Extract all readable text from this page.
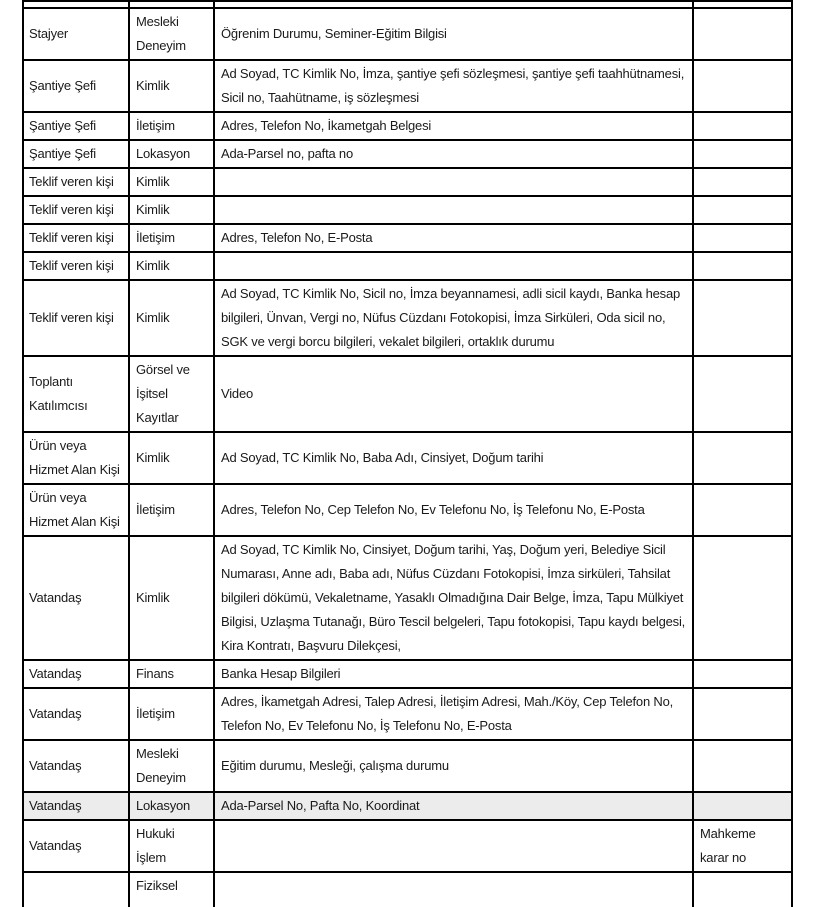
Stajyer	Mesleki Deneyim	Öğrenim Durumu, Seminer-Eğitim Bilgisi	
Şantiye Şefi	Kimlik	Ad Soyad, TC Kimlik No, İmza, şantiye şefi sözleşmesi, şantiye şefi taahhütnamesi, Sicil no, Taahütname, iş sözleşmesi	
Şantiye Şefi	İletişim	Adres, Telefon No, İkametgah Belgesi	
Şantiye Şefi	Lokasyon	Ada-Parsel no, pafta no	
Teklif veren kişi	Kimlik		
Teklif veren kişi	Kimlik		
Teklif veren kişi	İletişim	Adres, Telefon No, E-Posta	
Teklif veren kişi	Kimlik		
Teklif veren kişi	Kimlik	Ad Soyad, TC Kimlik No, Sicil no, İmza beyannamesi, adli sicil kaydı, Banka hesap bilgileri, Ünvan, Vergi no, Nüfus Cüzdanı Fotokopisi, İmza Sirküleri, Oda sicil no, SGK ve vergi borcu bilgileri, vekalet bilgileri, ortaklık durumu	
Toplantı Katılımcısı	Görsel ve İşitsel Kayıtlar	Video	
Ürün veya Hizmet Alan Kişi	Kimlik	Ad Soyad, TC Kimlik No, Baba Adı, Cinsiyet, Doğum tarihi	
Ürün veya Hizmet Alan Kişi	İletişim	Adres, Telefon No, Cep Telefon No, Ev Telefonu No, İş Telefonu No, E-Posta	
Vatandaş	Kimlik	Ad Soyad, TC Kimlik No, Cinsiyet, Doğum tarihi, Yaş, Doğum yeri, Belediye Sicil Numarası, Anne adı, Baba adı, Nüfus Cüzdanı Fotokopisi, İmza sirküleri, Tahsilat bilgileri dökümü, Vekaletname, Yasaklı Olmadığına Dair Belge, İmza, Tapu Mülkiyet Bilgisi, Uzlaşma Tutanağı, Büro Tescil belgeleri, Tapu fotokopisi, Tapu kaydı belgesi, Kira Kontratı, Başvuru Dilekçesi,	
Vatandaş	Finans	Banka Hesap Bilgileri	
Vatandaş	İletişim	Adres, İkametgah Adresi, Talep Adresi, İletişim Adresi, Mah./Köy, Cep Telefon No, Telefon No, Ev Telefonu No, İş Telefonu No, E-Posta	
Vatandaş	Mesleki Deneyim	Eğitim durumu, Mesleği, çalışma durumu	
Vatandaş	Lokasyon	Ada-Parsel No, Pafta No, Koordinat	
Vatandaş	Hukuki İşlem		Mahkeme karar no
	Fiziksel		
